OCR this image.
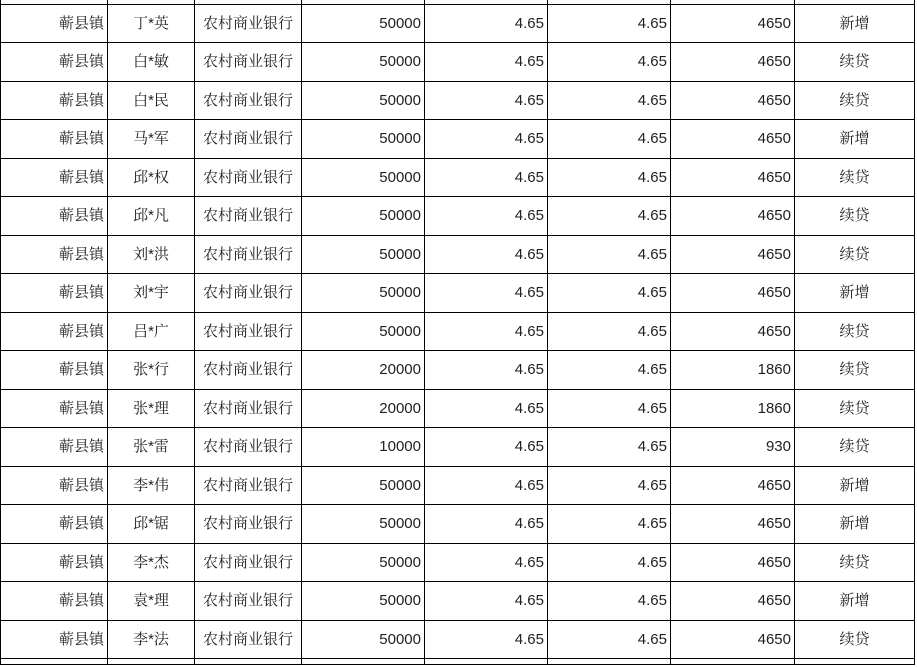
蕲县镇	丁*英	农村商业银行	50000	4.65	4.65	4650	新增
蕲县镇	白*敏	农村商业银行	50000	4.65	4.65	4650	续贷
蕲县镇	白*民	农村商业银行	50000	4.65	4.65	4650	续贷
蕲县镇	马*军	农村商业银行	50000	4.65	4.65	4650	新增
蕲县镇	邱*权	农村商业银行	50000	4.65	4.65	4650	续贷
蕲县镇	邱*凡	农村商业银行	50000	4.65	4.65	4650	续贷
蕲县镇	刘*洪	农村商业银行	50000	4.65	4.65	4650	续贷
蕲县镇	刘*宇	农村商业银行	50000	4.65	4.65	4650	新增
蕲县镇	吕*广	农村商业银行	50000	4.65	4.65	4650	续贷
蕲县镇	张*行	农村商业银行	20000	4.65	4.65	1860	续贷
蕲县镇	张*理	农村商业银行	20000	4.65	4.65	1860	续贷
蕲县镇	张*雷	农村商业银行	10000	4.65	4.65	930	续贷
蕲县镇	李*伟	农村商业银行	50000	4.65	4.65	4650	新增
蕲县镇	邱*锯	农村商业银行	50000	4.65	4.65	4650	新增
蕲县镇	李*杰	农村商业银行	50000	4.65	4.65	4650	续贷
蕲县镇	袁*理	农村商业银行	50000	4.65	4.65	4650	新增
蕲县镇	李*法	农村商业银行	50000	4.65	4.65	4650	续贷
